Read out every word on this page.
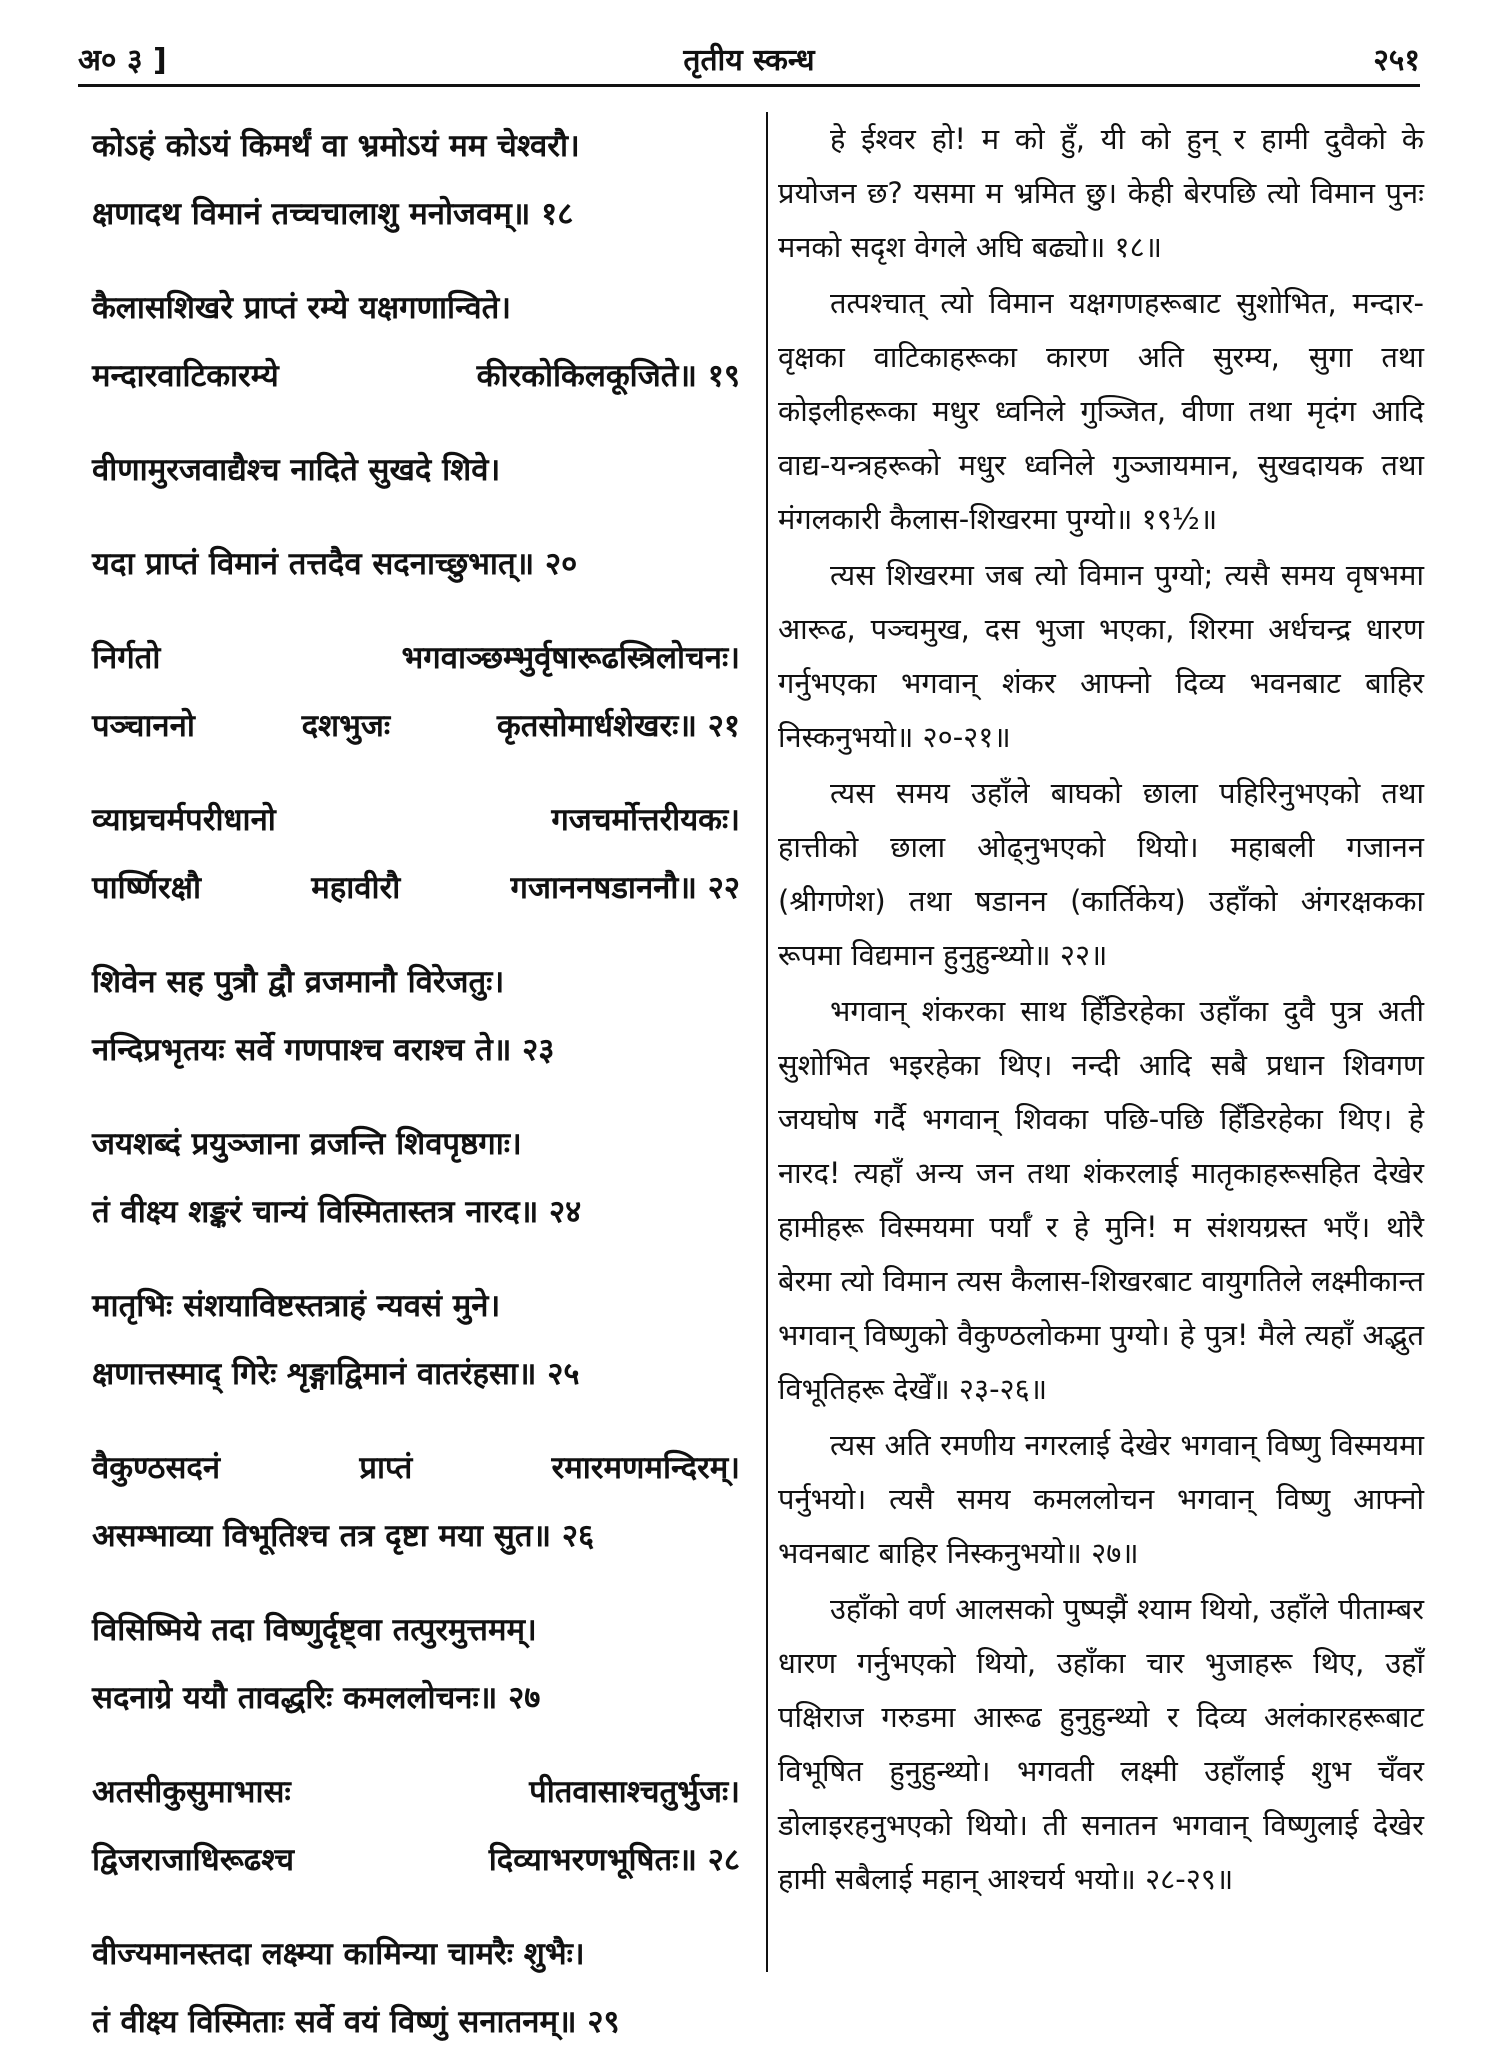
अ० ३ ]	तृतीय स्कन्ध	२५१
कोऽहं कोऽयं किमर्थं वा भ्रमोऽयं मम चेश्वरौ।
क्षणादथ विमानं तच्चचालाशु मनोजवम्॥ १८
कैलासशिखरे प्राप्तं रम्ये यक्षगणान्विते।
मन्दारवाटिकारम्ये	कीरकोकिलकूजिते॥ १९
वीणामुरजवाद्यैश्च नादिते सुखदे शिवे।
यदा प्राप्तं विमानं तत्तदैव सदनाच्छुभात्॥ २०
निर्गतो	भगवाञ्छम्भुर्वृषारूढस्त्रिलोचनः।
पञ्चाननो	दशभुजः	कृतसोमार्धशेखरः॥ २१
व्याघ्रचर्मपरीधानो	गजचर्मोत्तरीयकः।
पार्ष्णिरक्षौ	महावीरौ	गजाननषडाननौ॥ २२
शिवेन सह पुत्रौ द्वौ व्रजमानौ विरेजतुः।
नन्दिप्रभृतयः सर्वे गणपाश्च वराश्च ते॥ २३
जयशब्दं प्रयुञ्जाना व्रजन्ति शिवपृष्ठगाः।
तं वीक्ष्य शङ्करं चान्यं विस्मितास्तत्र नारद॥ २४
मातृभिः संशयाविष्टस्तत्राहं न्यवसं मुने।
क्षणात्तस्माद् गिरेः शृङ्गाद्विमानं वातरंहसा॥ २५
वैकुण्ठसदनं	प्राप्तं	रमारमणमन्दिरम्।
असम्भाव्या विभूतिश्च तत्र दृष्टा मया सुत॥ २६
विसिष्मिये तदा विष्णुर्दृष्ट्वा तत्पुरमुत्तमम्।
सदनाग्रे ययौ तावद्धरिः कमललोचनः॥ २७
अतसीकुसुमाभासः	पीतवासाश्चतुर्भुजः।
द्विजराजाधिरूढश्च	दिव्याभरणभूषितः॥ २८
वीज्यमानस्तदा लक्ष्म्या कामिन्या चामरैः शुभैः।
तं वीक्ष्य विस्मिताः सर्वे वयं विष्णुं सनातनम्॥ २९

हे ईश्वर हो! म को हुँ, यी को हुन् र हामी दुवैको के प्रयोजन छ? यसमा म भ्रमित छु। केही बेरपछि त्यो विमान पुनः मनको सदृश वेगले अघि बढ्यो॥ १८॥

तत्पश्चात् त्यो विमान यक्षगणहरूबाट सुशोभित, मन्दार-वृक्षका वाटिकाहरूका कारण अति सुरम्य, सुगा तथा कोइलीहरूका मधुर ध्वनिले गुञ्जित, वीणा तथा मृदंग आदि वाद्य-यन्त्रहरूको मधुर ध्वनिले गुञ्जायमान, सुखदायक तथा मंगलकारी कैलास-शिखरमा पुग्यो॥ १९½॥

त्यस शिखरमा जब त्यो विमान पुग्यो; त्यसै समय वृषभमा आरूढ, पञ्चमुख, दस भुजा भएका, शिरमा अर्धचन्द्र धारण गर्नुभएका भगवान् शंकर आफ्नो दिव्य भवनबाट बाहिर निस्कनुभयो॥ २०-२१॥

त्यस समय उहाँले बाघको छाला पहिरिनुभएको तथा हात्तीको छाला ओढ्नुभएको थियो। महाबली गजानन (श्रीगणेश) तथा षडानन (कार्तिकेय) उहाँको अंगरक्षकका रूपमा विद्यमान हुनुहुन्थ्यो॥ २२॥

भगवान् शंकरका साथ हिँडिरहेका उहाँका दुवै पुत्र अती सुशोभित भइरहेका थिए। नन्दी आदि सबै प्रधान शिवगण जयघोष गर्दै भगवान् शिवका पछि-पछि हिँडिरहेका थिए। हे नारद! त्यहाँ अन्य जन तथा शंकरलाई मातृकाहरूसहित देखेर हामीहरू विस्मयमा पर्याँ र हे मुनि! म संशयग्रस्त भएँ। थोरै बेरमा त्यो विमान त्यस कैलास-शिखरबाट वायुगतिले लक्ष्मीकान्त भगवान् विष्णुको वैकुण्ठलोकमा पुग्यो। हे पुत्र! मैले त्यहाँ अद्भुत विभूतिहरू देखेँ॥ २३-२६॥

त्यस अति रमणीय नगरलाई देखेर भगवान् विष्णु विस्मयमा पर्नुभयो। त्यसै समय कमललोचन भगवान् विष्णु आफ्नो भवनबाट बाहिर निस्कनुभयो॥ २७॥

उहाँको वर्ण आलसको पुष्पझैं श्याम थियो, उहाँले पीताम्बर धारण गर्नुभएको थियो, उहाँका चार भुजाहरू थिए, उहाँ पक्षिराज गरुडमा आरूढ हुनुहुन्थ्यो र दिव्य अलंकारहरूबाट विभूषित हुनुहुन्थ्यो। भगवती लक्ष्मी उहाँलाई शुभ चँवर डोलाइरहनुभएको थियो। ती सनातन भगवान् विष्णुलाई देखेर हामी सबैलाई महान् आश्चर्य भयो॥ २८-२९॥
